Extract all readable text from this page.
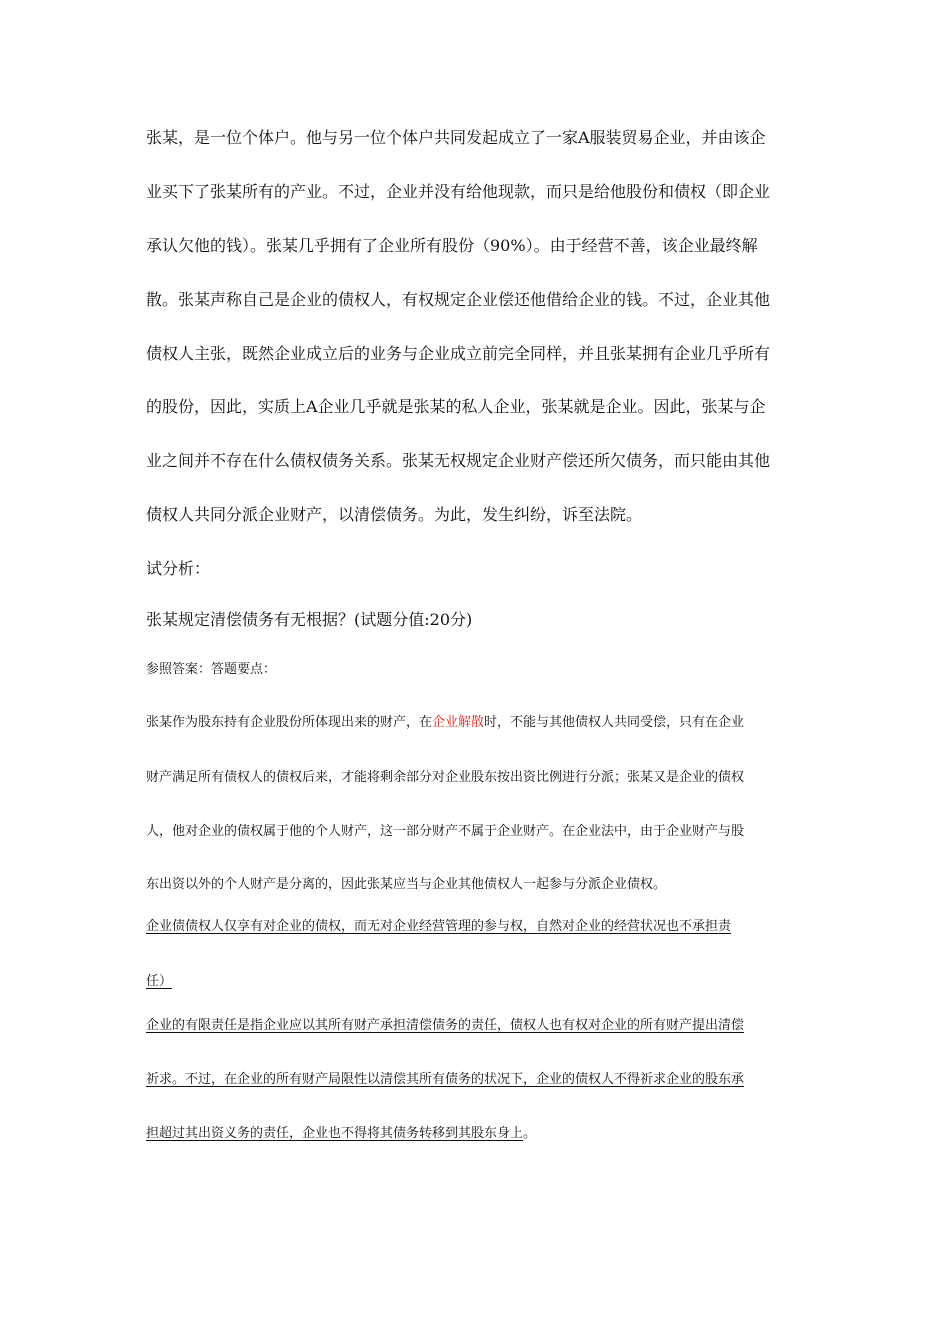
张某，是一位个体户。他与另一位个体户共同发起成立了一家A服装贸易企业，并由该企
业买下了张某所有的产业。不过，企业并没有给他现款，而只是给他股份和债权（即企业
承认欠他的钱）。张某几乎拥有了企业所有股份（90%）。由于经营不善，该企业最终解
散。张某声称自己是企业的债权人，有权规定企业偿还他借给企业的钱。不过，企业其他
债权人主张，既然企业成立后的业务与企业成立前完全同样，并且张某拥有企业几乎所有
的股份，因此，实质上A企业几乎就是张某的私人企业，张某就是企业。因此，张某与企
业之间并不存在什么债权债务关系。张某无权规定企业财产偿还所欠债务，而只能由其他
债权人共同分派企业财产，以清偿债务。为此，发生纠纷，诉至法院。
试分析：
张某规定清偿债务有无根据？(试题分值:20分)
参照答案：答题要点：
张某作为股东持有企业股份所体现出来的财产，在企业解散时，不能与其他债权人共同受偿，只有在企业
财产满足所有债权人的债权后来，才能将剩余部分对企业股东按出资比例进行分派；张某又是企业的债权
人，他对企业的债权属于他的个人财产，这一部分财产不属于企业财产。在企业法中，由于企业财产与股
东出资以外的个人财产是分离的，因此张某应当与企业其他债权人一起参与分派企业债权。
企业债债权人仅享有对企业的债权，而无对企业经营管理的参与权，自然对企业的经营状况也不承担责
任）
企业的有限责任是指企业应以其所有财产承担清偿债务的责任，债权人也有权对企业的所有财产提出清偿
祈求。不过，在企业的所有财产局限性以清偿其所有债务的状况下，企业的债权人不得祈求企业的股东承
担超过其出资义务的责任，企业也不得将其债务转移到其股东身上。
